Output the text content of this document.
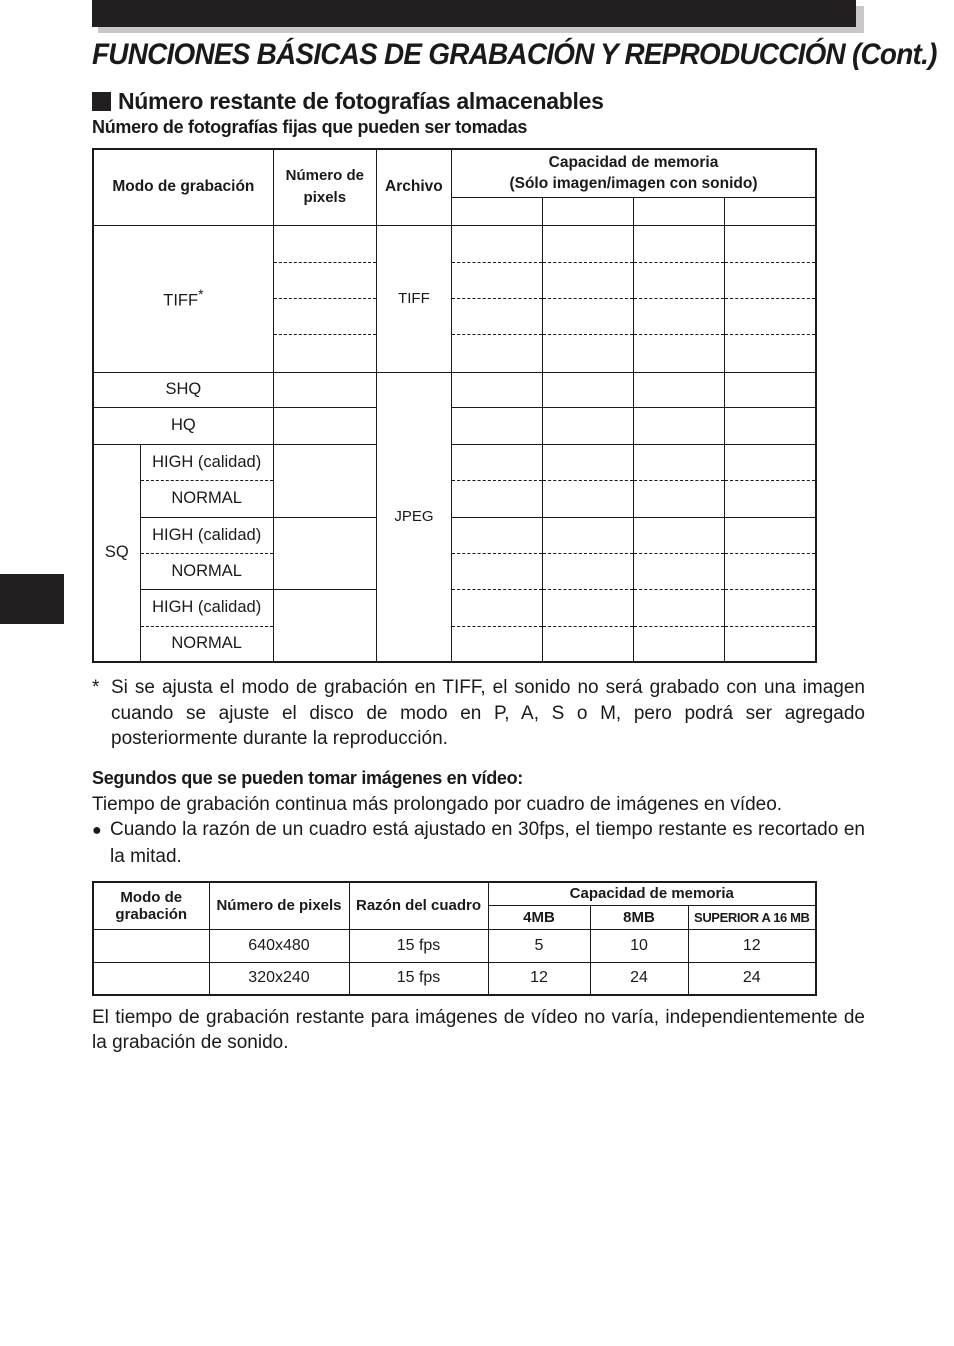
FUNCIONES BÁSICAS DE GRABACIÓN Y REPRODUCCIÓN (Cont.)
Número restante de fotografías almacenables
Número de fotografías fijas que pueden ser tomadas
Modo de grabación		Número de
pixels	Archivo	Capacidad de memoria
(Sólo imagen/imagen con sonido)			

TIFF*			TIFF				

SHQ			JPEG				
HQ							
SQ	HIGH (calidad)						
	NORMAL						
	HIGH (calidad)						
	NORMAL						
	HIGH (calidad)						
	NORMAL						

* Si se ajusta el modo de grabación en TIFF, el sonido no será grabado con una imagen cuando se ajuste el disco de modo en P, A, S o M, pero podrá ser agregado posteriormente durante la reproducción.

Segundos que se pueden tomar imágenes en vídeo:

Tiempo de grabación continua más prolongado por cuadro de imágenes en vídeo.

● Cuando la razón de un cuadro está ajustado en 30fps, el tiempo restante es recortado en la mitad.

Modo de
grabación	Número de pixels	Razón del cuadro	Capacidad de memoria		
			4MB	8MB	SUPERIOR A 16 MB
	640x480	15 fps	5	10	12
	320x240	15 fps	12	24	24

El tiempo de grabación restante para imágenes de vídeo no varía, independientemente de la grabación de sonido.
